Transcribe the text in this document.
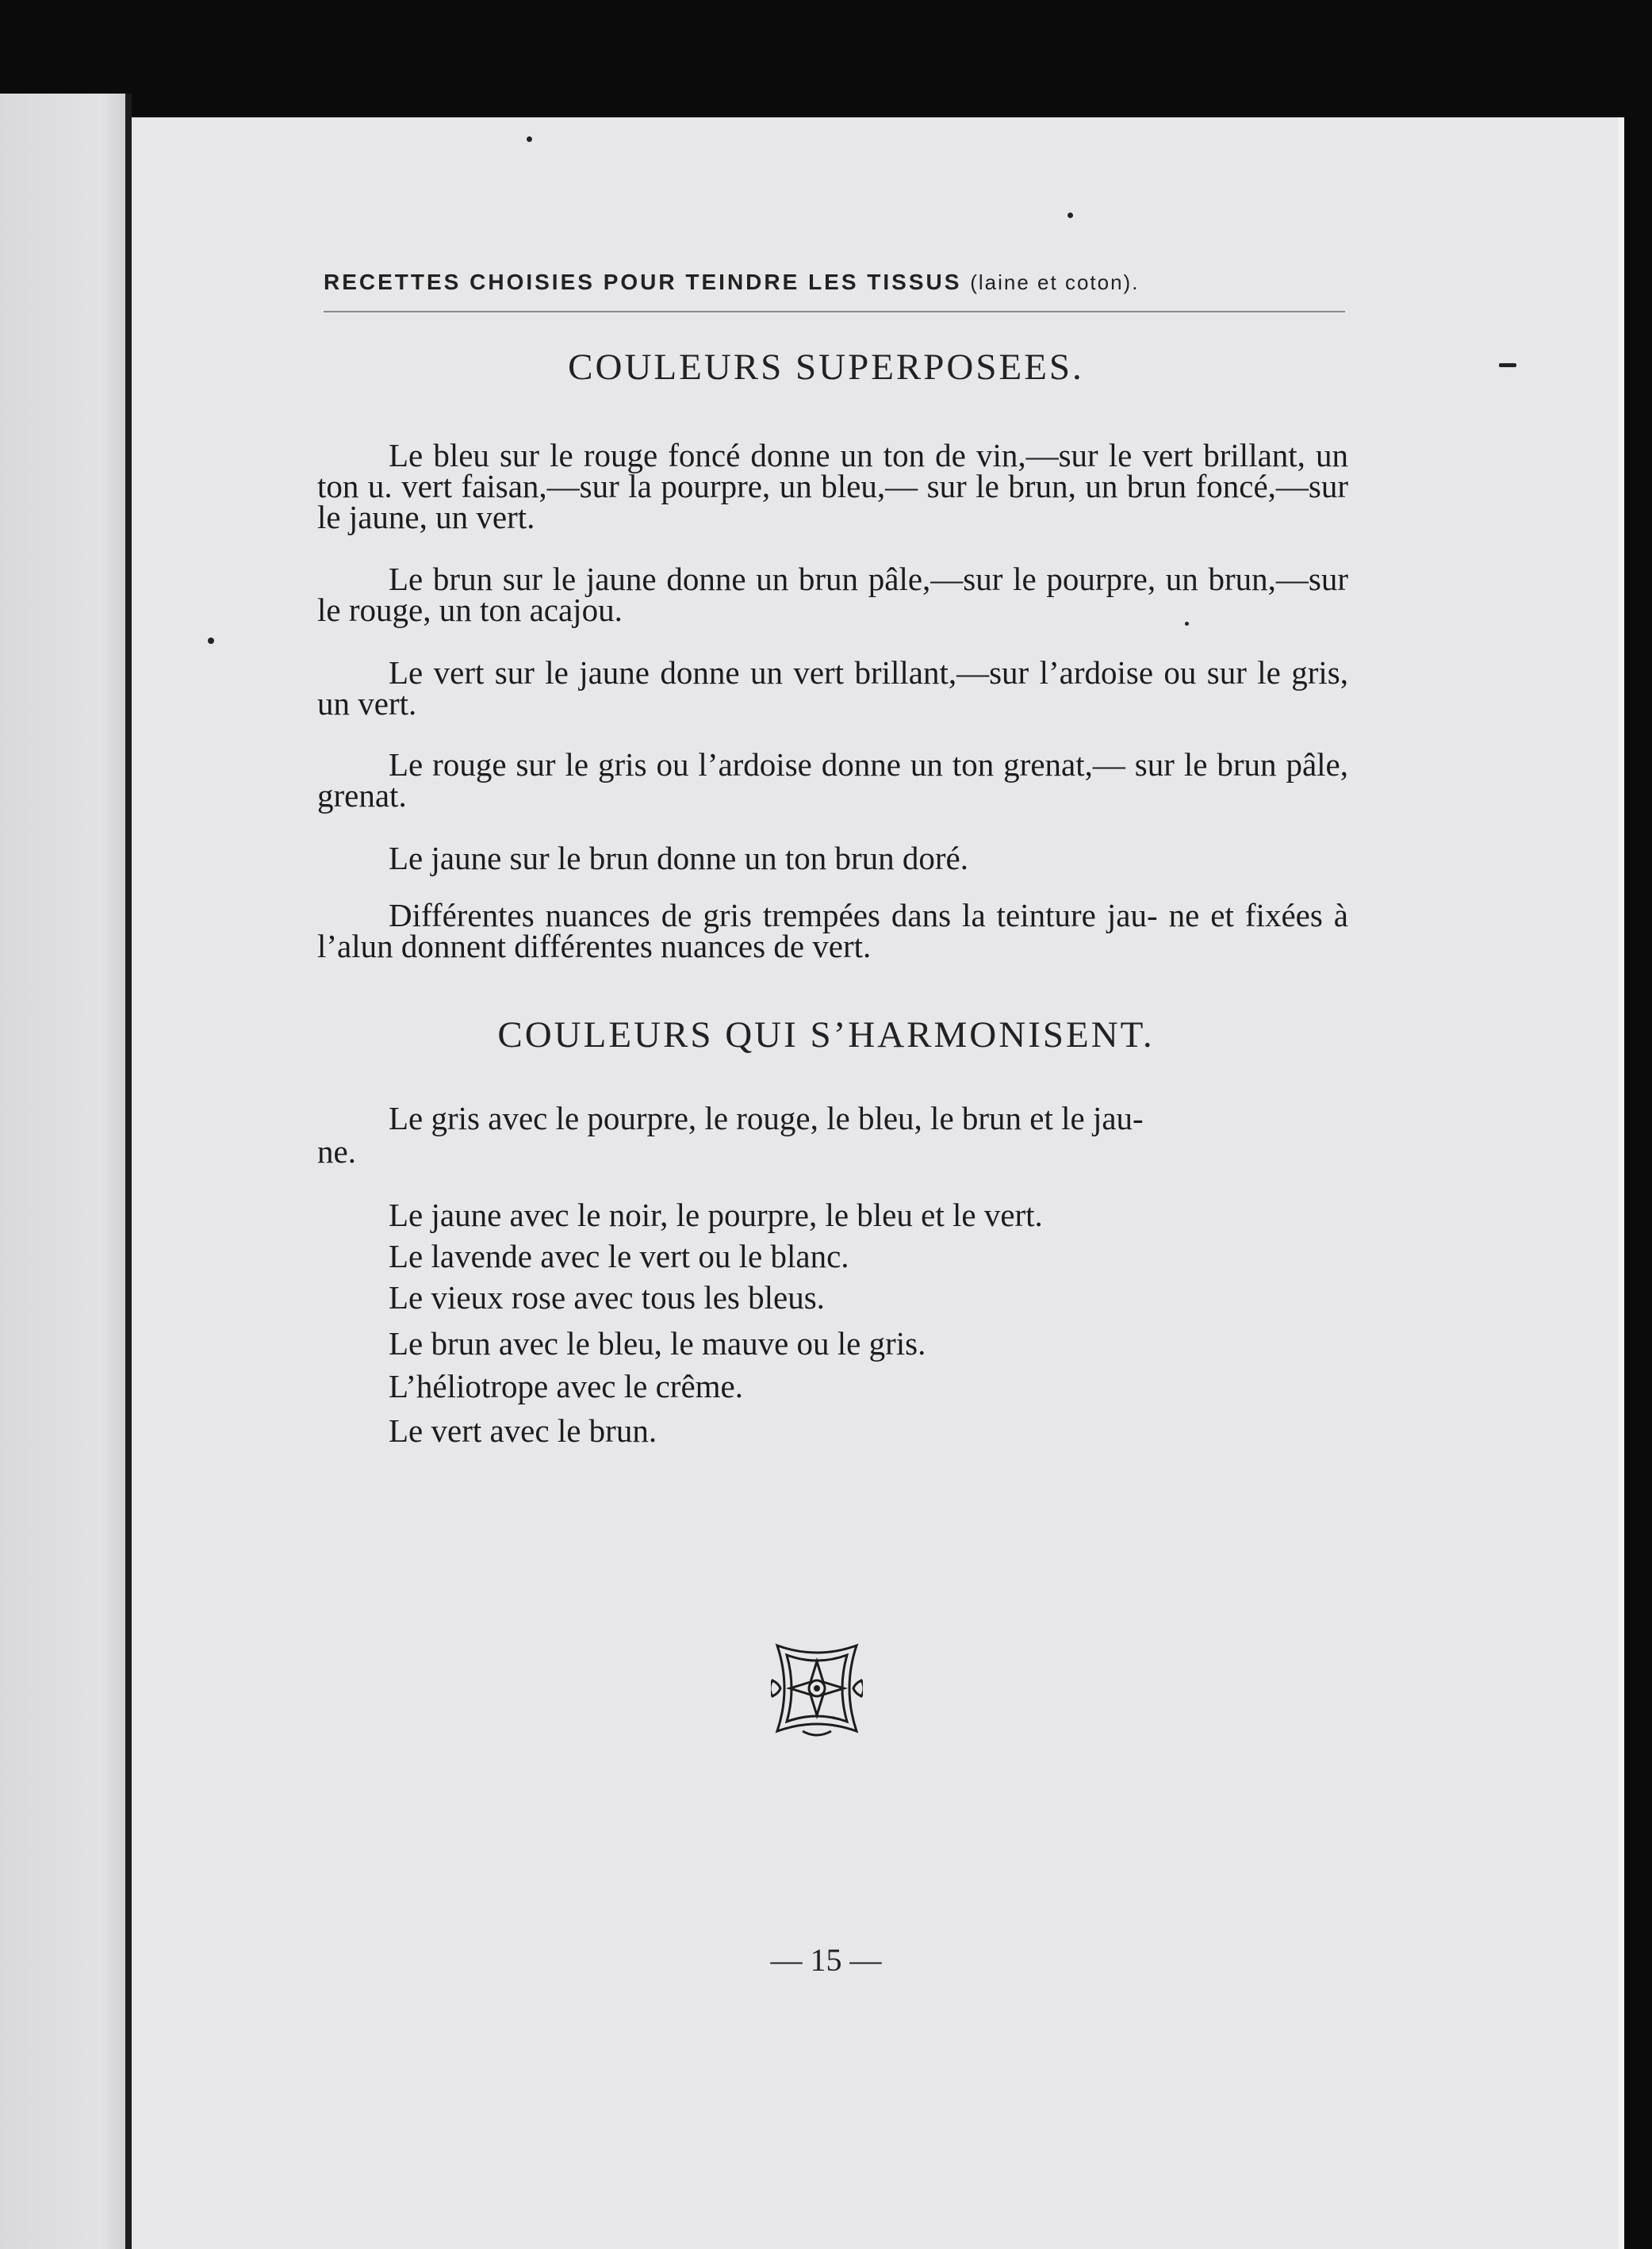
RECETTES CHOISIES POUR TEINDRE LES TISSUS (laine et coton).
COULEURS SUPERPOSEES.

Le bleu sur le rouge foncé donne un ton de vin,—sur le vert brillant, un ton u. vert faisan,—sur la pourpre, un bleu,— sur le brun, un brun foncé,—sur le jaune, un vert.

Le brun sur le jaune donne un brun pâle,—sur le pourpre, un brun,—sur le rouge, un ton acajou.

Le vert sur le jaune donne un vert brillant,—sur l’ardoise ou sur le gris, un vert.

Le rouge sur le gris ou l’ardoise donne un ton grenat,— sur le brun pâle, grenat.

Le jaune sur le brun donne un ton brun doré.

Différentes nuances de gris trempées dans la teinture jau- ne et fixées à l’alun donnent différentes nuances de vert.

COULEURS QUI S’HARMONISENT.
Le gris avec le pourpre, le rouge, le bleu, le brun et le jau-
ne.
Le jaune avec le noir, le pourpre, le bleu et le vert.
Le lavende avec le vert ou le blanc.
Le vieux rose avec tous les bleus.
Le brun avec le bleu, le mauve ou le gris.
L’héliotrope avec le crême.
Le vert avec le brun.
— 15 —
